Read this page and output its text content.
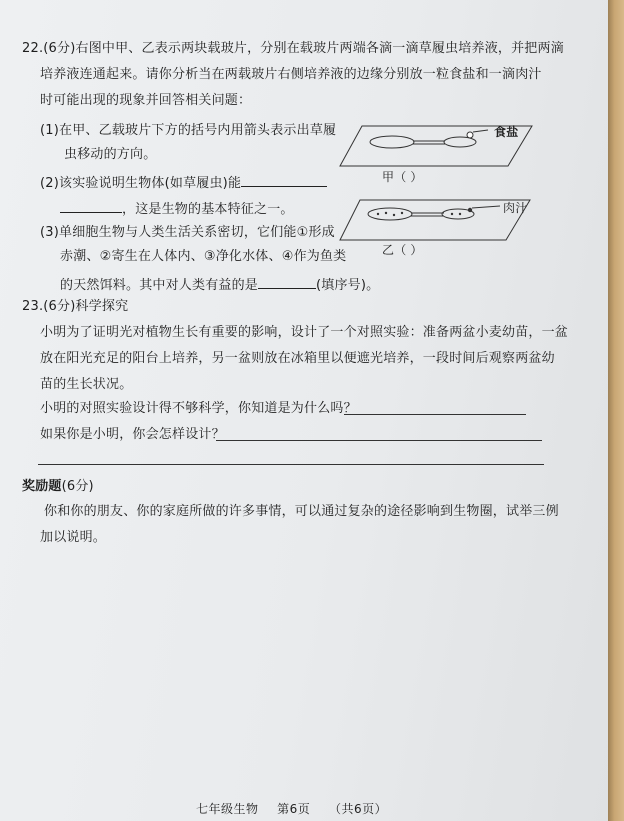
22.(6分)右图中甲、乙表示两块载玻片，分别在载玻片两端各滴一滴草履虫培养液，并把两滴
培养液连通起来。请你分析当在两载玻片右侧培养液的边缘分别放一粒食盐和一滴肉汁
时可能出现的现象并回答相关问题：
(1)在甲、乙载玻片下方的括号内用箭头表示出草履
虫移动的方向。
(2)该实验说明生物体(如草履虫)能
，这是生物的基本特征之一。
(3)单细胞生物与人类生活关系密切，它们能①形成
赤潮、②寄生在人体内、③净化水体、④作为鱼类
的天然饵料。其中对人类有益的是	(填序号)。
食盐
甲（ ）
肉汁
乙（ ）
23.(6分)科学探究
小明为了证明光对植物生长有重要的影响，设计了一个对照实验：准备两盆小麦幼苗，一盆
放在阳光充足的阳台上培养，另一盆则放在冰箱里以便遮光培养，一段时间后观察两盆幼
苗的生长状况。
小明的对照实验设计得不够科学，你知道是为什么吗？
如果你是小明，你会怎样设计？
奖励题(6分)
你和你的朋友、你的家庭所做的许多事情，可以通过复杂的途径影响到生物圈，试举三例
加以说明。
七年级生物 第6页 （共6页）
